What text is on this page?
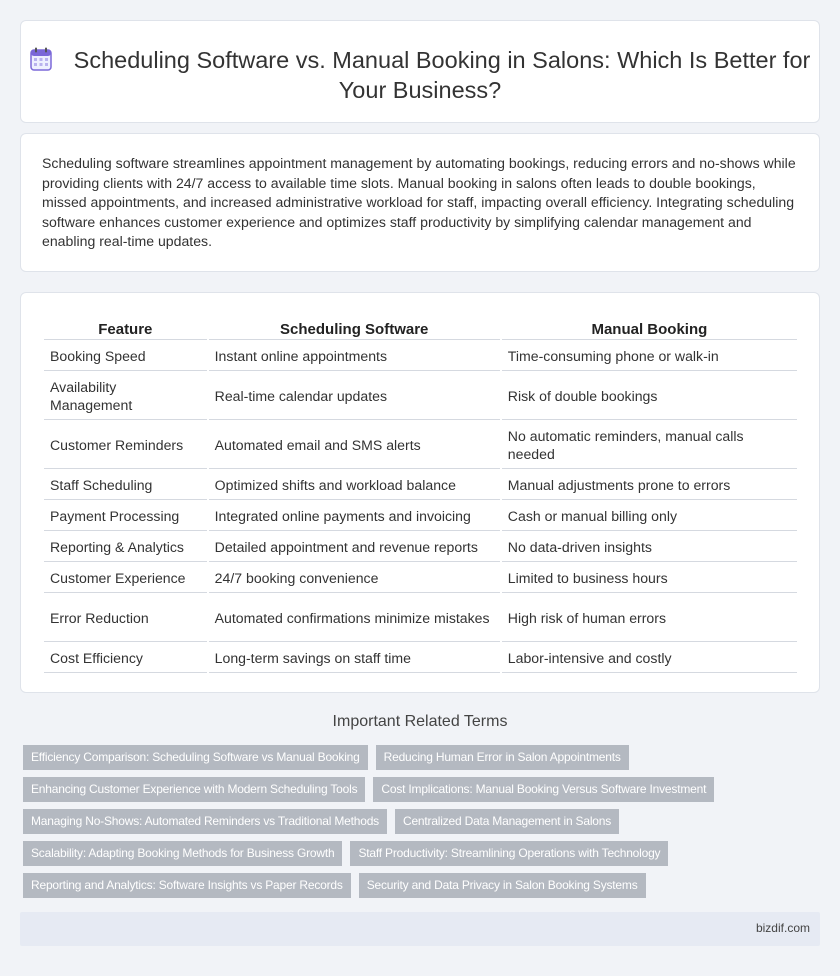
Scheduling Software vs. Manual Booking in Salons: Which Is Better for Your Business?

Scheduling software streamlines appointment management by automating bookings, reducing errors and no-shows while providing clients with 24/7 access to available time slots. Manual booking in salons often leads to double bookings, missed appointments, and increased administrative workload for staff, impacting overall efficiency. Integrating scheduling software enhances customer experience and optimizes staff productivity by simplifying calendar management and enabling real-time updates.

Feature	Scheduling Software	Manual Booking
Booking Speed	Instant online appointments	Time-consuming phone or walk-in
Availability Management	Real-time calendar updates	Risk of double bookings
Customer Reminders	Automated email and SMS alerts	No automatic reminders, manual calls needed
Staff Scheduling	Optimized shifts and workload balance	Manual adjustments prone to errors
Payment Processing	Integrated online payments and invoicing	Cash or manual billing only
Reporting & Analytics	Detailed appointment and revenue reports	No data-driven insights
Customer Experience	24/7 booking convenience	Limited to business hours
Error Reduction	Automated confirmations minimize mistakes	High risk of human errors
Cost Efficiency	Long-term savings on staff time	Labor-intensive and costly
Important Related Terms
Efficiency Comparison: Scheduling Software vs Manual Booking	Reducing Human Error in Salon Appointments
Enhancing Customer Experience with Modern Scheduling Tools	Cost Implications: Manual Booking Versus Software Investment
Managing No-Shows: Automated Reminders vs Traditional Methods	Centralized Data Management in Salons
Scalability: Adapting Booking Methods for Business Growth	Staff Productivity: Streamlining Operations with Technology
Reporting and Analytics: Software Insights vs Paper Records	Security and Data Privacy in Salon Booking Systems
bizdif.com
